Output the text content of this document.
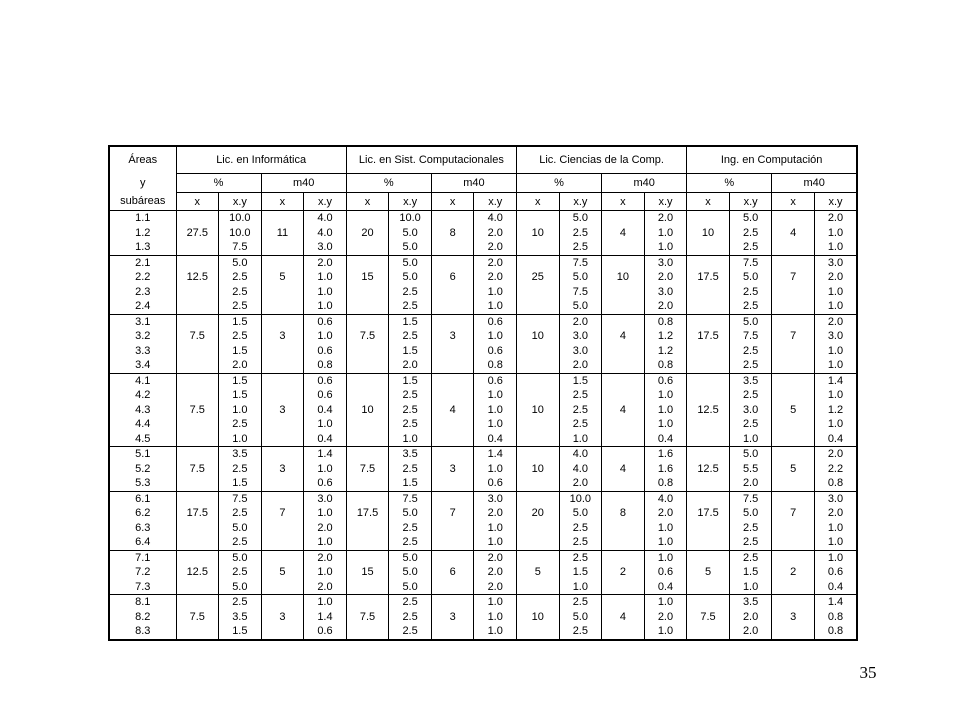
Áreas	Lic. en Informática				Lic. en Sist. Computacionales				Lic. Ciencias de la Comp.				Ing. en Computación			
y	%		m40		%		m40		%		m40		%		m40	
subáreas	x	x.y	x	x.y	x	x.y	x	x.y	x	x.y	x	x.y	x	x.y	x	x.y
1.1		10.0		4.0		10.0		4.0		5.0		2.0		5.0		2.0
1.2	27.5	10.0	11	4.0	20	5.0	8	2.0	10	2.5	4	1.0	10	2.5	4	1.0
1.3		7.5		3.0		5.0		2.0		2.5		1.0		2.5		1.0
2.1		5.0		2.0		5.0		2.0		7.5		3.0		7.5		3.0
2.2	12.5	2.5	5	1.0	15	5.0	6	2.0	25	5.0	10	2.0	17.5	5.0	7	2.0
2.3		2.5		1.0		2.5		1.0		7.5		3.0		2.5		1.0
2.4		2.5		1.0		2.5		1.0		5.0		2.0		2.5		1.0
3.1		1.5		0.6		1.5		0.6		2.0		0.8		5.0		2.0
3.2	7.5	2.5	3	1.0	7.5	2.5	3	1.0	10	3.0	4	1.2	17.5	7.5	7	3.0
3.3		1.5		0.6		1.5		0.6		3.0		1.2		2.5		1.0
3.4		2.0		0.8		2.0		0.8		2.0		0.8		2.5		1.0
4.1		1.5		0.6		1.5		0.6		1.5		0.6		3.5		1.4
4.2		1.5		0.6		2.5		1.0		2.5		1.0		2.5		1.0
4.3	7.5	1.0	3	0.4	10	2.5	4	1.0	10	2.5	4	1.0	12.5	3.0	5	1.2
4.4		2.5		1.0		2.5		1.0		2.5		1.0		2.5		1.0
4.5		1.0		0.4		1.0		0.4		1.0		0.4		1.0		0.4
5.1		3.5		1.4		3.5		1.4		4.0		1.6		5.0		2.0
5.2	7.5	2.5	3	1.0	7.5	2.5	3	1.0	10	4.0	4	1.6	12.5	5.5	5	2.2
5.3		1.5		0.6		1.5		0.6		2.0		0.8		2.0		0.8
6.1		7.5		3.0		7.5		3.0		10.0		4.0		7.5		3.0
6.2	17.5	2.5	7	1.0	17.5	5.0	7	2.0	20	5.0	8	2.0	17.5	5.0	7	2.0
6.3		5.0		2.0		2.5		1.0		2.5		1.0		2.5		1.0
6.4		2.5		1.0		2.5		1.0		2.5		1.0		2.5		1.0
7.1		5.0		2.0		5.0		2.0		2.5		1.0		2.5		1.0
7.2	12.5	2.5	5	1.0	15	5.0	6	2.0	5	1.5	2	0.6	5	1.5	2	0.6
7.3		5.0		2.0		5.0		2.0		1.0		0.4		1.0		0.4
8.1		2.5		1.0		2.5		1.0		2.5		1.0		3.5		1.4
8.2	7.5	3.5	3	1.4	7.5	2.5	3	1.0	10	5.0	4	2.0	7.5	2.0	3	0.8
8.3		1.5		0.6		2.5		1.0		2.5		1.0		2.0		0.8
35
